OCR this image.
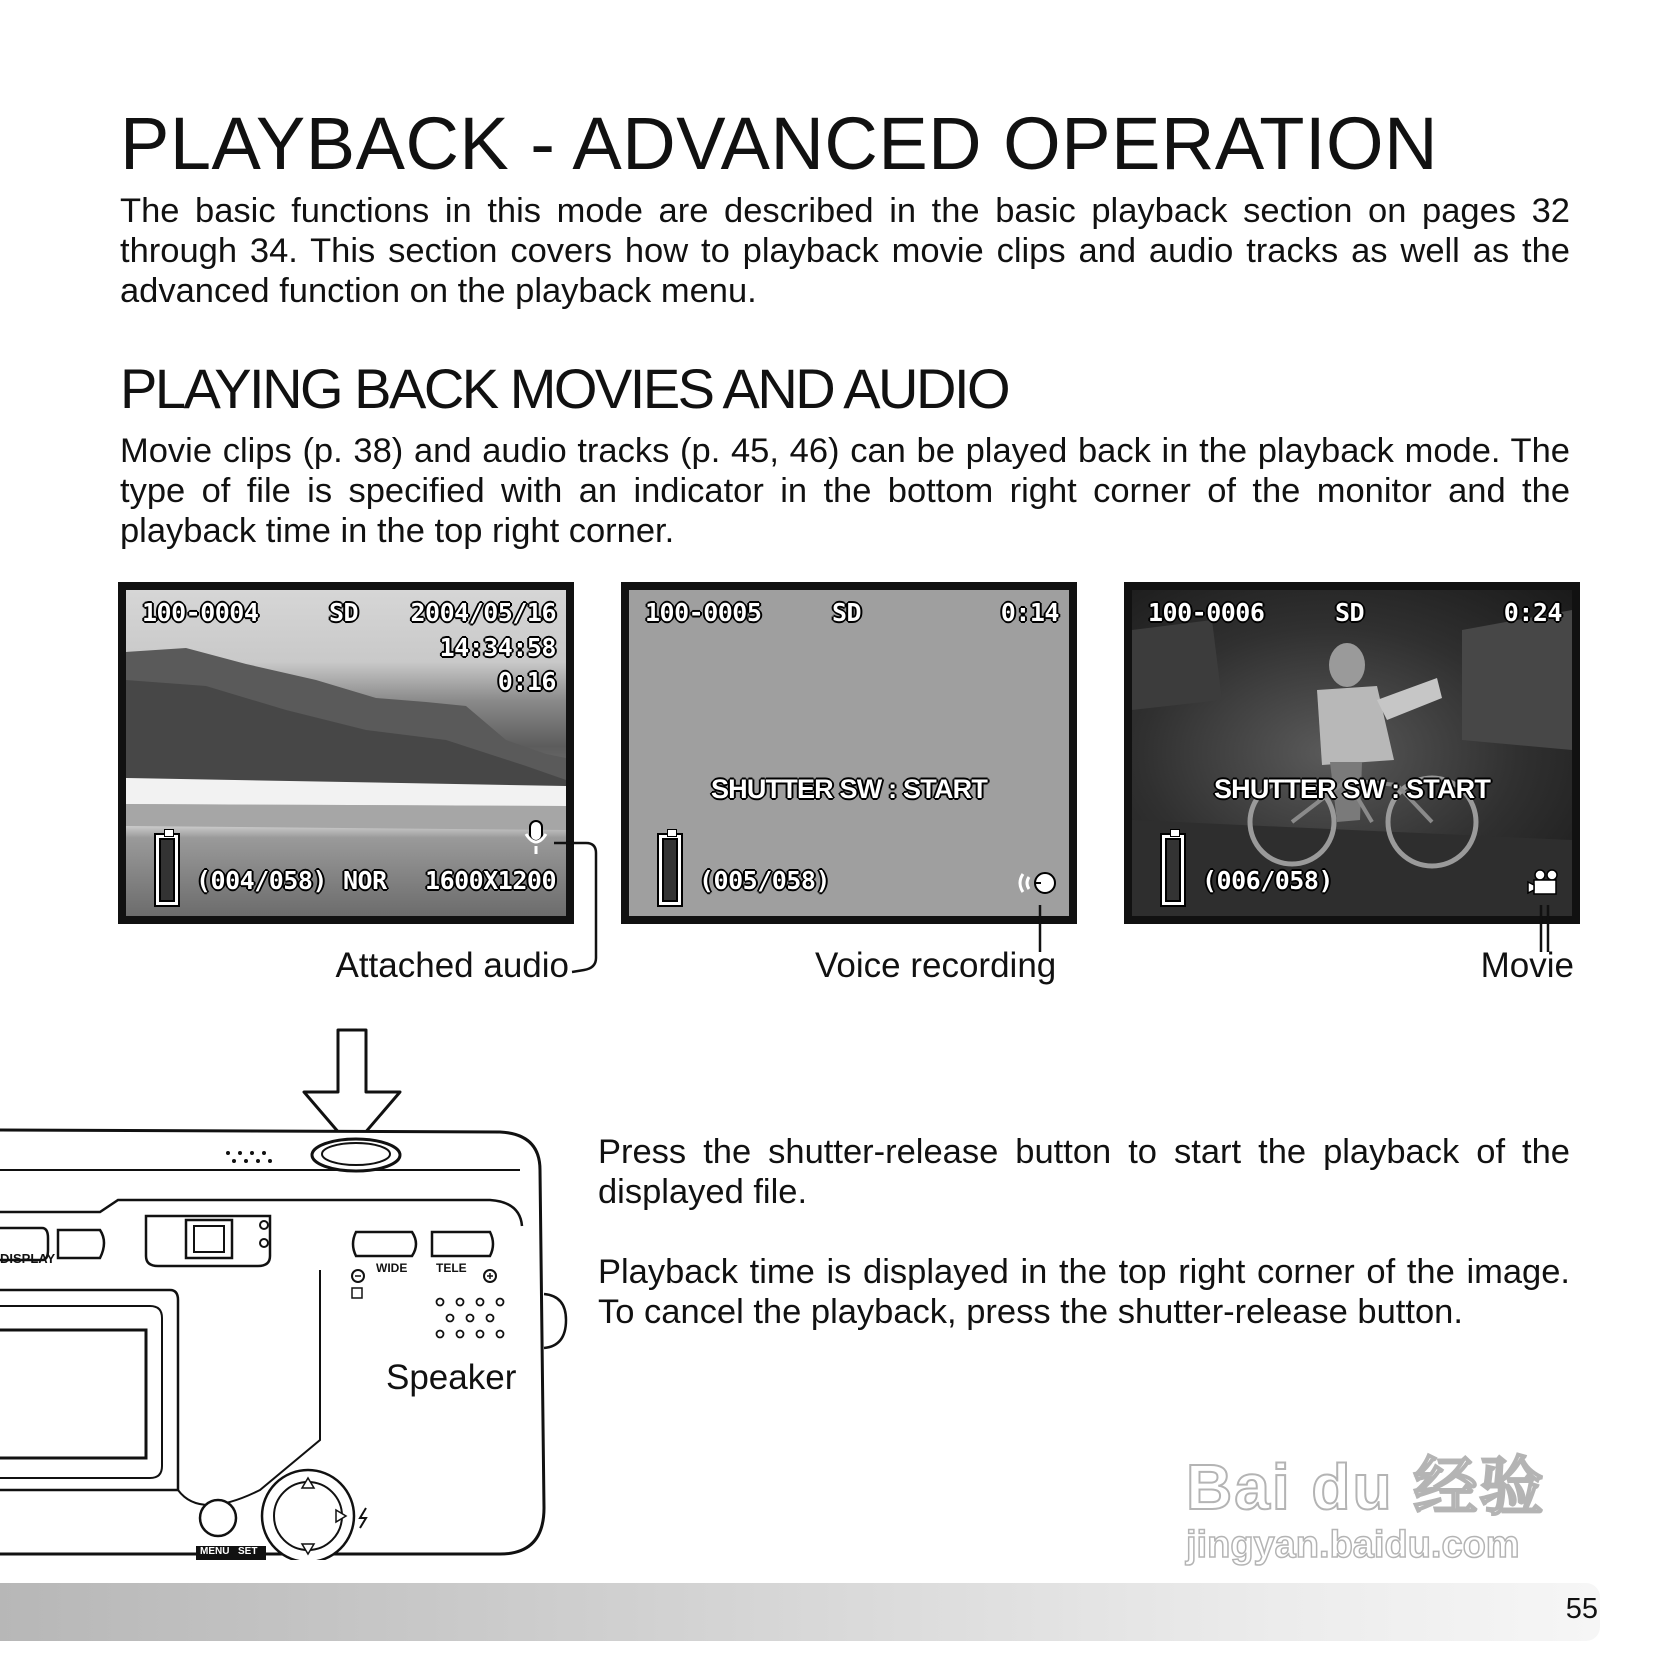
PLAYBACK - ADVANCED OPERATION

The basic functions in this mode are described in the basic playback section on pages 32 through 34. This section covers how to playback movie clips and audio tracks as well as the advanced function on the playback menu.

PLAYING BACK MOVIES AND AUDIO

Movie clips (p. 38) and audio tracks (p. 45, 46) can be played back in the playback mode. The type of file is specified with an indicator in the bottom right corner of the monitor and the playback time in the top right corner.

100-0004	SD 2004/05/16
14:34:58
0:16
(004/058) NOR 1600X1200
100-0005	SD	0:14
SHUTTER SW : START
(005/058)
100-0006	SD	0:24
SHUTTER SW : START
(006/058)
Attached audio	Voice recording	Movie
DISPLAY
WIDE TELE
MENU SET
Speaker

Press the shutter-release button to start the playback of the displayed file.

Playback time is displayed in the top right corner of the image. To cancel the playback, press the shutter-release button.

55
Bai du 经验
jingyan.baidu.com
